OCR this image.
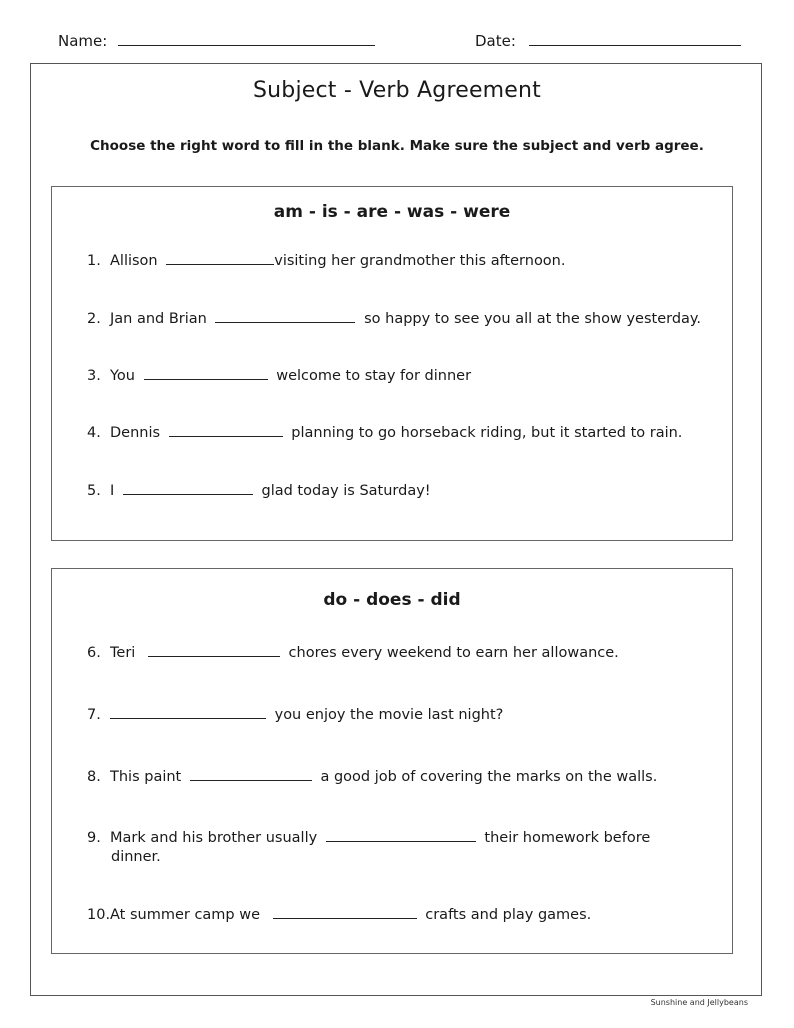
Name:	Date:
Subject - Verb Agreement
Choose the right word to fill in the blank. Make sure the subject and verb agree.
am - is - are - was - were
1. Allison	visiting her grandmother this afternoon.
2. Jan and Brian	so happy to see you all at the show yesterday.
3. You	welcome to stay for dinner
4. Dennis	planning to go horseback riding, but it started to rain.
5. I	glad today is Saturday!
do - does - did
6. Teri	chores every weekend to earn her allowance.
7.	you enjoy the movie last night?
8. This paint	a good job of covering the marks on the walls.
9. Mark and his brother usually	their homework before
dinner.
10.At summer camp we	crafts and play games.
Sunshine and Jellybeans
